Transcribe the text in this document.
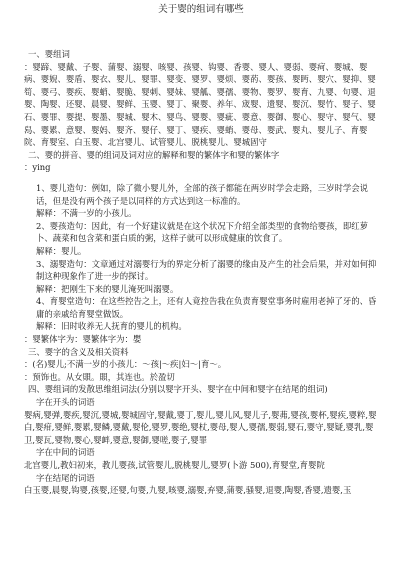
关于婴的组词有哪些

一、婴组词

：婴蹄、婴戴、子婴、蒲婴、溺婴、咳婴、孩婴、钩婴、香婴、婴人、婴弱、婴疴、婴城、婴病、婴婗、婴盾、婴衣、婴儿、婴罪、婴变、婴罗、婴烦、婴菂、婴孩、婴眄、婴穴、婴抑、婴笱、婴弓、婴疾、婴蛸、婴脆、婴刺、婴妹、婴觚、婴孺、婴物、婴罗、婴育、九婴、句婴、退婴、陶婴、还婴、晨婴、婴鲜、玉婴、婴丁、聚婴、养年、宬婴、遗婴、婴沉、婴竹、婴子、婴石、婴罪、婴提、婴墨、婴城、婴木、婴鸟、婴婴、婴疵、婴意、婴御、婴心、婴守、婴气、婴舄、婴累、意婴、婴妈、婴齐、婴仔、婴丁、婴疾、婴蛸、婴母、婴武、婴丸、婴儿子、育婴院、育婴室、白玉婴、北宫婴儿、试管婴儿、脱桃婴儿、婴城固守

二、婴的拼音、婴的组词及词对应的解释和婴的繁体字和婴的繁体字

：ying

1、婴儿造句：例如，除了微小婴儿外，全部的孩子都能在两岁时学会走路，三岁时学会说话，但是没有两个孩子是以同样的方式达到这一标准的。

解释：不满一岁的小孩儿。

2、婴孩造句：因此，有一个好建议就是在这个状况下介绍全部类型的食物给婴孩，即红萝卜、蔬菜和包含菜和蛋白质的粥，这样子就可以形成健康的饮食了。

解释：婴儿。

3、溺婴造句：文章通过对溺婴行为的界定分析了溺婴的缘由及产生的社会后果，并对如何抑制这种现象作了进一步的探讨。

解释：把刚生下来的婴儿淹死叫溺婴。

4、育婴堂造句：在这些控告之上，还有人竟控告我在负责育婴堂事务时雇用老掉了牙的、昏庸的亲戚给育婴堂做饭。

解释：旧时收养无人抚育的婴儿的机构。

：婴繁体字为：婴繁体字为：嬰

三、婴字的含义及相关资料

：(名)婴儿;不满一岁的小孩儿：～孩|～疾|妇～|育～。

：预饰也。从女賏。賏，其连也。於盈切

四、婴组词的发散思维组词法(分别以婴字开头、婴字在中间和婴字在结尾的组词)

字在开头的词语

婴病,婴弹,婴疾,婴沉,婴城,婴城固守,婴戴,婴丁,婴儿,婴儿风,婴儿子,婴茀,婴孩,婴杯,婴疾,婴粹,婴白,婴疳,婴鲜,婴累,婴鳞,婴戴,婴伦,婴罗,婴绝,婴杖,婴母,婴人,婴孺,婴弱,婴石,婴守,婴疑,婴乳,婴卫,婴瓦,婴物,婴心,婴衅,婴意,婴御,婴嗟,婴子,婴罪

字在中间的词语

北宫婴儿,教妇初来，教儿婴孩,试管婴儿,脱桃婴儿,婴罗(卜游 500),育婴堂,育婴院

字在结尾的词语

白玉婴,晨婴,钩婴,孩婴,还婴,句婴,九婴,咳婴,溺婴,弃婴,蒲婴,骚婴,退婴,陶婴,香婴,遗婴,玉
